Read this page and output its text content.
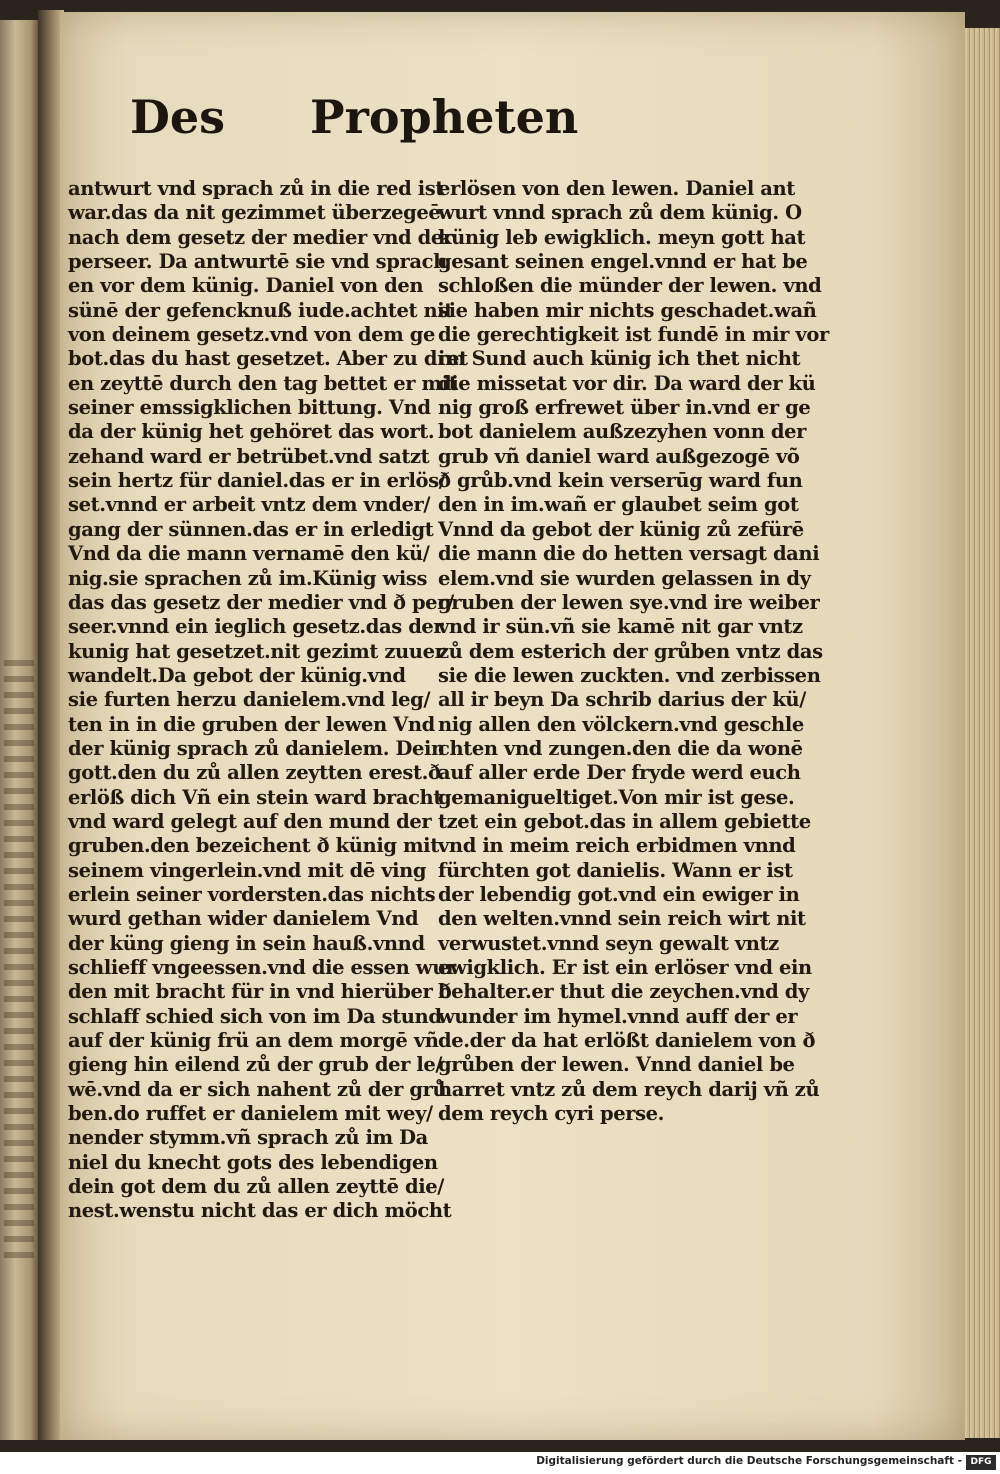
Des Propheten
antwurt vnd sprach zů in die red ist
war.das da nit gezimmet überzegeē
nach dem gesetz der medier vnd der
perseer. Da antwurtē sie vnd sprach
en vor dem künig. Daniel von den
sünē der gefencknuß iude.achtet nit
von deinem gesetz.vnd von dem ge
bot.das du hast gesetzet. Aber zu dret
en zeyttē durch den tag bettet er mit
seiner emssigklichen bittung. Vnd
da der künig het gehöret das wort.
zehand ward er betrübet.vnd satzt
sein hertz für daniel.das er in erlös/
set.vnnd er arbeit vntz dem vnder/
gang der sünnen.das er in erledigt
Vnd da die mann vernamē den kü/
nig.sie sprachen zů im.Künig wiss
das das gesetz der medier vnd ð per/
seer.vnnd ein ieglich gesetz.das der
kunig hat gesetzet.nit gezimt zuuer
wandelt.Da gebot der künig.vnd
sie furten herzu danielem.vnd leg/
ten in in die gruben der lewen Vnd
der künig sprach zů danielem. Dein
gott.den du zů allen zeytten erest.ð
erlöß dich Vñ ein stein ward bracht
vnd ward gelegt auf den mund der
gruben.den bezeichent ð künig mit
seinem vingerlein.vnd mit dē ving
erlein seiner vordersten.das nichts
wurd gethan wider danielem Vnd
der küng gieng in sein hauß.vnnd
schlieff vngeessen.vnd die essen wur
den mit bracht für in vnd hierüber ð
schlaff schied sich von im Da stund
auf der künig frü an dem morgē vñ
gieng hin eilend zů der grub der le/
wē.vnd da er sich nahent zů der grů
ben.do ruffet er danielem mit wey/
nender stymm.vñ sprach zů im Da
niel du knecht gots des lebendigen
dein got dem du zů allen zeyttē die/
nest.wenstu nicht das er dich möcht
erlösen von den lewen. Daniel ant
wurt vnnd sprach zů dem künig. O
künig leb ewigklich. meyn gott hat
gesant seinen engel.vnnd er hat be
schloßen die münder der lewen. vnd
sie haben mir nichts geschadet.wañ
die gerechtigkeit ist fundē in mir vor
im Sund auch künig ich thet nicht
die missetat vor dir. Da ward der kü
nig groß erfrewet über in.vnd er ge
bot danielem außzezyhen vonn der
grub vñ daniel ward außgezogē võ
ð grůb.vnd kein verserūg ward fun
den in im.wañ er glaubet seim got
Vnnd da gebot der künig zů zefürē
die mann die do hetten versagt dani
elem.vnd sie wurden gelassen in dy
gruben der lewen sye.vnd ire weiber
vnd ir sün.vñ sie kamē nit gar vntz
zů dem esterich der grůben vntz das
sie die lewen zuckten. vnd zerbissen
all ir beyn Da schrib darius der kü/
nig allen den völckern.vnd geschle
chten vnd zungen.den die da wonē
auf aller erde Der fryde werd euch
gemanigueltiget.Von mir ist gese.
tzet ein gebot.das in allem gebiette
vnd in meim reich erbidmen vnnd
fürchten got danielis. Wann er ist
der lebendig got.vnd ein ewiger in
den welten.vnnd sein reich wirt nit
verwustet.vnnd seyn gewalt vntz
ewigklich. Er ist ein erlöser vnd ein
behalter.er thut die zeychen.vnd dy
wunder im hymel.vnnd auff der er
de.der da hat erlößt danielem von ð
grůben der lewen. Vnnd daniel be
harret vntz zů dem reych darij vñ zů
dem reych cyri perse.
Digitalisierung gefördert durch die Deutsche Forschungsgemeinschaft - DFG
